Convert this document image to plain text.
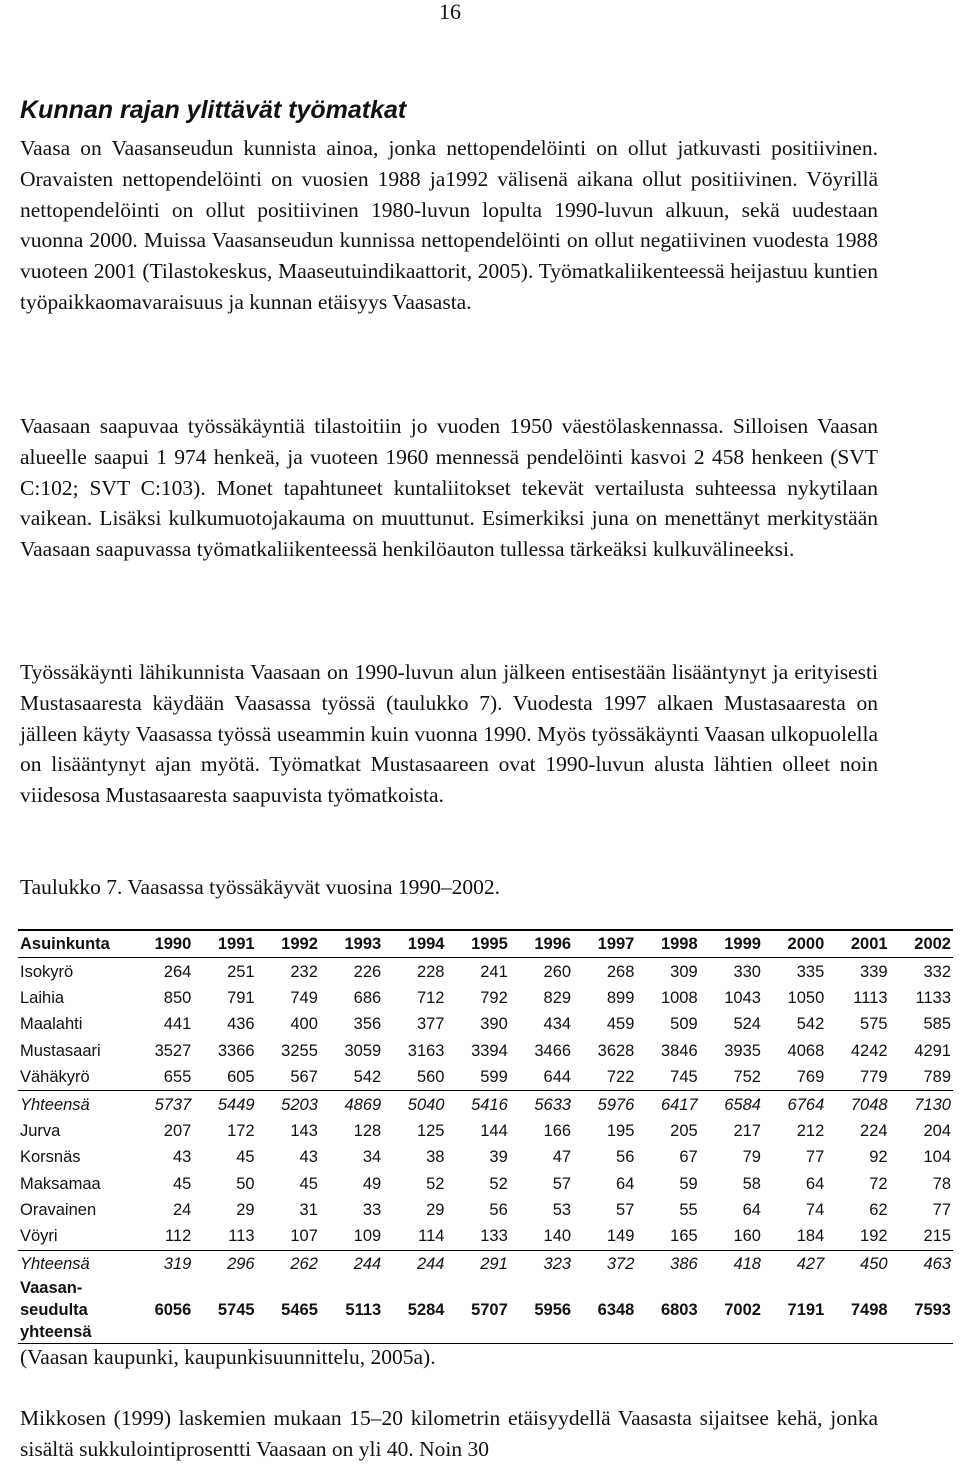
16
Kunnan rajan ylittävät työmatkat

Vaasa on Vaasanseudun kunnista ainoa, jonka nettopendelöinti on ollut jatkuvasti positiivinen. Oravaisten nettopendelöinti on vuosien 1988 ja1992 välisenä aikana ollut positiivinen. Vöyrillä nettopendelöinti on ollut positiivinen 1980-luvun lopulta 1990-luvun alkuun, sekä uudestaan vuonna 2000. Muissa Vaasanseudun kunnissa nettopendelöinti on ollut negatiivinen vuodesta 1988 vuoteen 2001 (Tilastokeskus, Maaseutuindikaattorit, 2005). Työmatkaliikenteessä heijastuu kuntien työpaikkaomavaraisuus ja kunnan etäisyys Vaasasta.

Vaasaan saapuvaa työssäkäyntiä tilastoitiin jo vuoden 1950 väestölaskennassa. Silloisen Vaasan alueelle saapui 1 974 henkeä, ja vuoteen 1960 mennessä pendelöinti kasvoi 2 458 henkeen (SVT C:102; SVT C:103). Monet tapahtuneet kuntaliitokset tekevät vertailusta suhteessa nykytilaan vaikean. Lisäksi kulkumuotojakauma on muuttunut. Esimerkiksi juna on menettänyt merkitystään Vaasaan saapuvassa työmatkaliikenteessä henkilöauton tullessa tärkeäksi kulkuvälineeksi.

Työssäkäynti lähikunnista Vaasaan on 1990-luvun alun jälkeen entisestään lisääntynyt ja erityisesti Mustasaaresta käydään Vaasassa työssä (taulukko 7). Vuodesta 1997 alkaen Mustasaaresta on jälleen käyty Vaasassa työssä useammin kuin vuonna 1990. Myös työssäkäynti Vaasan ulkopuolella on lisääntynyt ajan myötä. Työmatkat Mustasaareen ovat 1990-luvun alusta lähtien olleet noin viidesosa Mustasaaresta saapuvista työmatkoista.

Taulukko 7. Vaasassa työssäkäyvät vuosina 1990–2002.

Asuinkunta	1990	1991	1992	1993	1994	1995	1996	1997	1998	1999	2000	2001	2002
Isokyrö	264	251	232	226	228	241	260	268	309	330	335	339	332
Laihia	850	791	749	686	712	792	829	899	1008	1043	1050	1113	1133
Maalahti	441	436	400	356	377	390	434	459	509	524	542	575	585
Mustasaari	3527	3366	3255	3059	3163	3394	3466	3628	3846	3935	4068	4242	4291
Vähäkyrö	655	605	567	542	560	599	644	722	745	752	769	779	789
Yhteensä	5737	5449	5203	4869	5040	5416	5633	5976	6417	6584	6764	7048	7130
Jurva	207	172	143	128	125	144	166	195	205	217	212	224	204
Korsnäs	43	45	43	34	38	39	47	56	67	79	77	92	104
Maksamaa	45	50	45	49	52	52	57	64	59	58	64	72	78
Oravainen	24	29	31	33	29	56	53	57	55	64	74	62	77
Vöyri	112	113	107	109	114	133	140	149	165	160	184	192	215
Yhteensä	319	296	262	244	244	291	323	372	386	418	427	450	463
Vaasan-seudulta yhteensä	6056	5745	5465	5113	5284	5707	5956	6348	6803	7002	7191	7498	7593

(Vaasan kaupunki, kaupunkisuunnittelu, 2005a).

Mikkosen (1999) laskemien mukaan 15–20 kilometrin etäisyydellä Vaasasta sijaitsee kehä, jonka sisältä sukkulointiprosentti Vaasaan on yli 40. Noin 30
